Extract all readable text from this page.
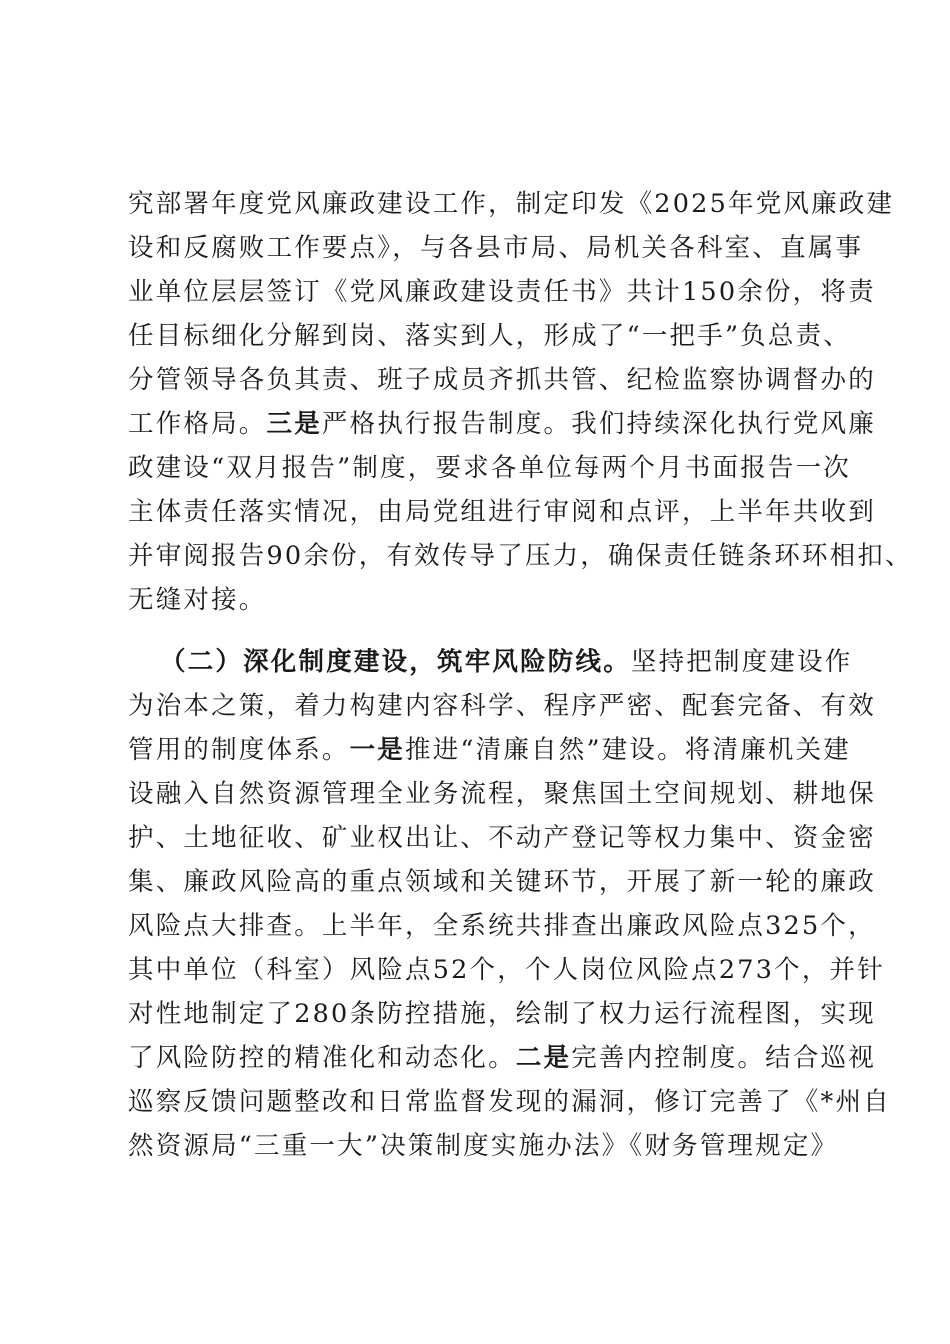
究部署年度党风廉政建设工作，制定印发《2025年党风廉政建
设和反腐败工作要点》，与各县市局、局机关各科室、直属事
业单位层层签订《党风廉政建设责任书》共计150余份，将责
任目标细化分解到岗、落实到人，形成了“一把手”负总责、
分管领导各负其责、班子成员齐抓共管、纪检监察协调督办的
工作格局。三是严格执行报告制度。我们持续深化执行党风廉
政建设“双月报告”制度，要求各单位每两个月书面报告一次
主体责任落实情况，由局党组进行审阅和点评，上半年共收到
并审阅报告90余份，有效传导了压力，确保责任链条环环相扣、
无缝对接。
（二）深化制度建设，筑牢风险防线。坚持把制度建设作
为治本之策，着力构建内容科学、程序严密、配套完备、有效
管用的制度体系。一是推进“清廉自然”建设。将清廉机关建
设融入自然资源管理全业务流程，聚焦国土空间规划、耕地保
护、土地征收、矿业权出让、不动产登记等权力集中、资金密
集、廉政风险高的重点领域和关键环节，开展了新一轮的廉政
风险点大排查。上半年，全系统共排查出廉政风险点325个，
其中单位（科室）风险点52个，个人岗位风险点273个，并针
对性地制定了280条防控措施，绘制了权力运行流程图，实现
了风险防控的精准化和动态化。二是完善内控制度。结合巡视
巡察反馈问题整改和日常监督发现的漏洞，修订完善了《*州自
然资源局“三重一大”决策制度实施办法》《财务管理规定》
